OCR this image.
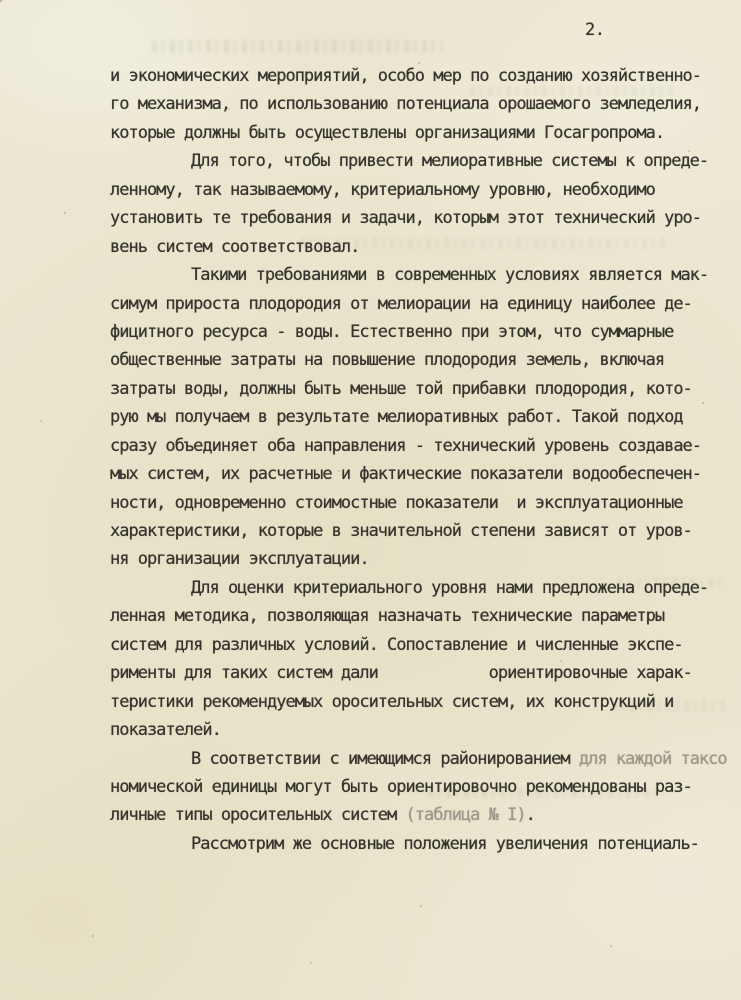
2.
и экономических мероприятий, особо мер по созданию хозяйственно-
го механизма, по использованию потенциала орошаемого земледелия,
которые должны быть осуществлены организациями Госагропрома.
Для того, чтобы привести мелиоративные системы к опреде-
ленному, так называемому, критериальному уровню, необходимо
установить те требования и задачи, которым этот технический уро-
вень систем соответствовал.
Такими требованиями в современных условиях является мак-
симум прироста плодородия от мелиорации на единицу наиболее де-
фицитного ресурса - воды. Естественно при этом, что суммарные
общественные затраты на повышение плодородия земель, включая
затраты воды, должны быть меньше той прибавки плодородия, кото-
рую мы получаем в результате мелиоративных работ. Такой подход
сразу объединяет оба направления - технический уровень создавае-
мых систем, их расчетные и фактические показатели водообеспечен-
ности, одновременно стоимостные показатели  и эксплуатационные
характеристики, которые в значительной степени зависят от уров-
ня организации эксплуатации.
Для оценки критериального уровня нами предложена опреде-
ленная методика, позволяющая назначать технические параметры
систем для различных условий. Сопоставление и численные экспе-
рименты для таких систем дали            ориентировочные харак-
теристики рекомендуемых оросительных систем, их конструкций и
показателей.
В соответствии с имеющимся районированием для каждой таксо
номической единицы могут быть ориентировочно рекомендованы раз-
личные типы оросительных систем (таблица № I).
Рассмотрим же основные положения увеличения потенциаль-
